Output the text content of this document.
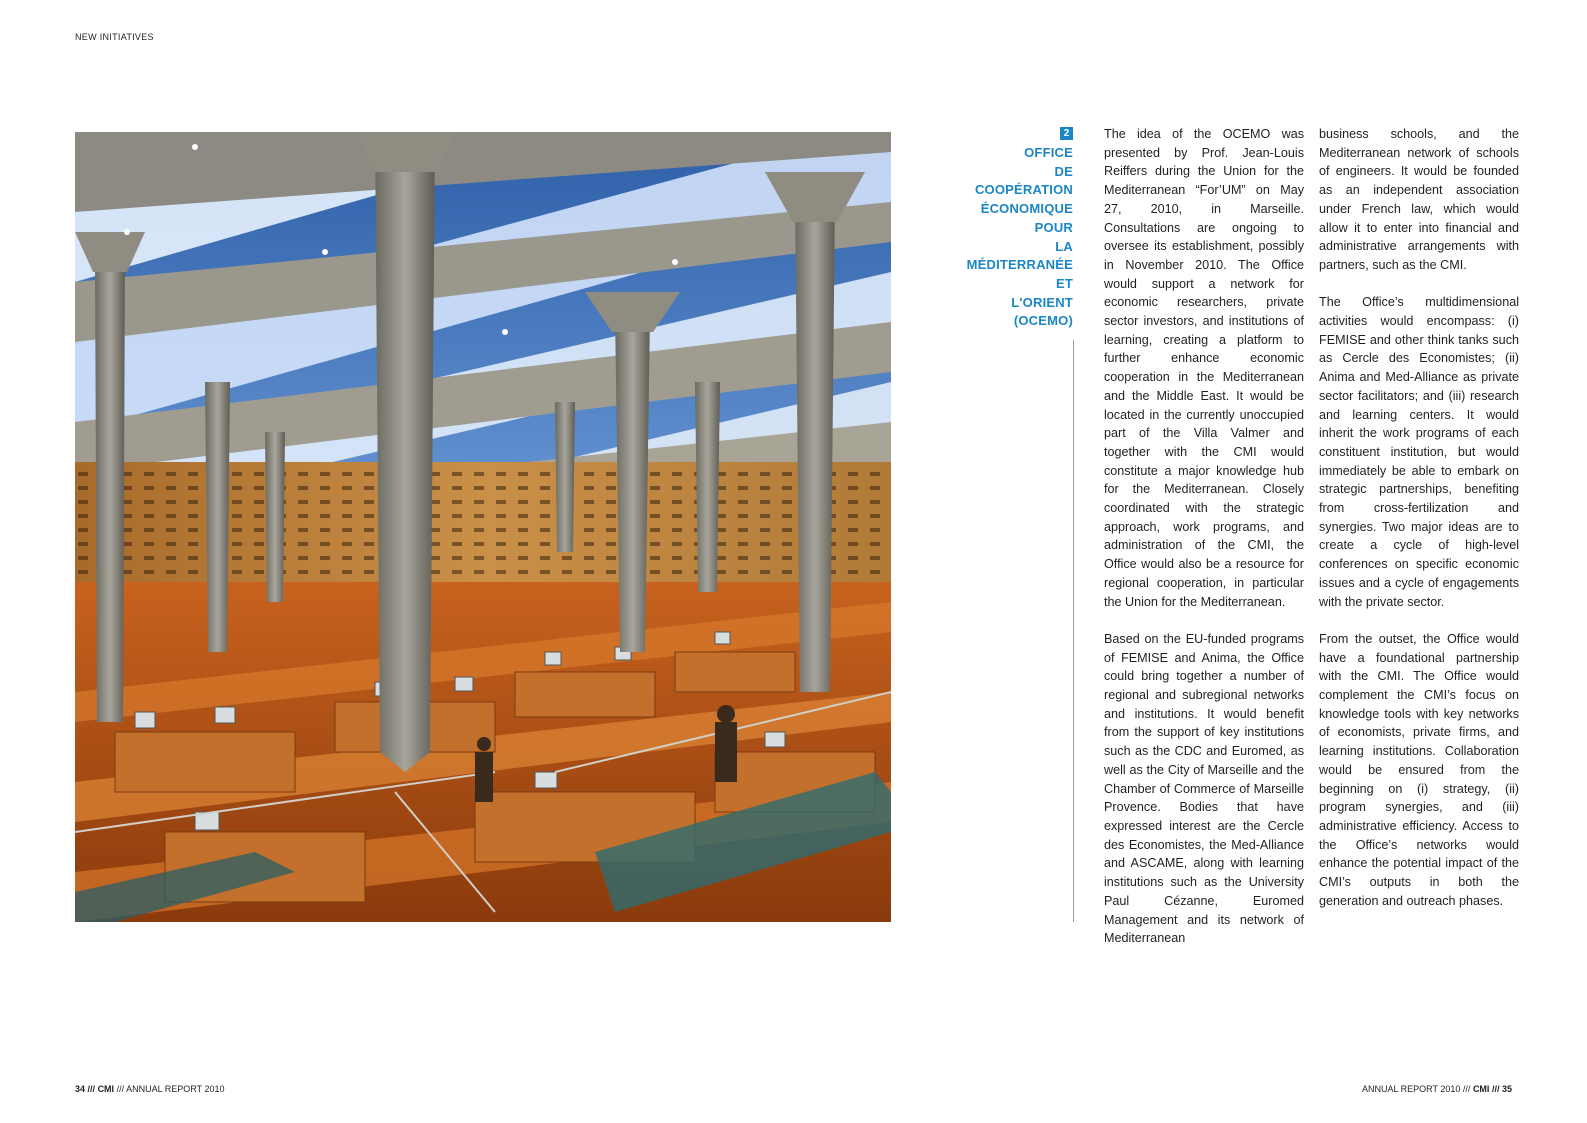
NEW INITIATIVES
2
OFFICE
DE
COOPÉRATION
ÉCONOMIQUE
POUR
LA
MÉDITERRANÉE
ET
L'ORIENT
(OCEMO)

The idea of the OCEMO was presented by Prof. Jean-Louis Reiffers during the Union for the Mediterranean “For’UM” on May 27, 2010, in Marseille. Consultations are ongoing to oversee its establishment, possibly in November 2010. The Office would support a network for economic researchers, private sector investors, and institutions of learning, creating a platform to further enhance economic cooperation in the Mediterranean and the Middle East. It would be located in the currently unoccupied part of the Villa Valmer and together with the CMI would constitute a major knowledge hub for the Mediterranean. Closely coordinated with the strategic approach, work programs, and administration of the CMI, the Office would also be a resource for regional cooperation, in particular the Union for the Mediterranean.

Based on the EU-funded programs of FEMISE and Anima, the Office could bring together a number of regional and subregional networks and institutions. It would benefit from the support of key institutions such as the CDC and Euromed, as well as the City of Marseille and the Chamber of Commerce of Marseille Provence. Bodies that have expressed interest are the Cercle des Economistes, the Med-Alliance and ASCAME, along with learning institutions such as the University Paul Cézanne, Euromed Management and its network of Mediterranean

business schools, and the Mediterranean network of schools of engineers. It would be founded as an independent association under French law, which would allow it to enter into financial and administrative arrangements with partners, such as the CMI.

The Office’s multidimensional activities would encompass: (i) FEMISE and other think tanks such as Cercle des Economistes; (ii) Anima and Med-Alliance as private sector facilitators; and (iii) research and learning centers. It would inherit the work programs of each constituent institution, but would immediately be able to embark on strategic partnerships, benefiting from cross-fertilization and synergies. Two major ideas are to create a cycle of high-level conferences on specific economic issues and a cycle of engagements with the private sector.

From the outset, the Office would have a foundational partnership with the CMI. The Office would complement the CMI’s focus on knowledge tools with key networks of economists, private firms, and learning institutions. Collaboration would be ensured from the beginning on (i) strategy, (ii) program synergies, and (iii) administrative efficiency. Access to the Office’s networks would enhance the potential impact of the CMI’s outputs in both the generation and outreach phases.

34 /// CMI /// ANNUAL REPORT 2010	ANNUAL REPORT 2010 /// CMI /// 35
